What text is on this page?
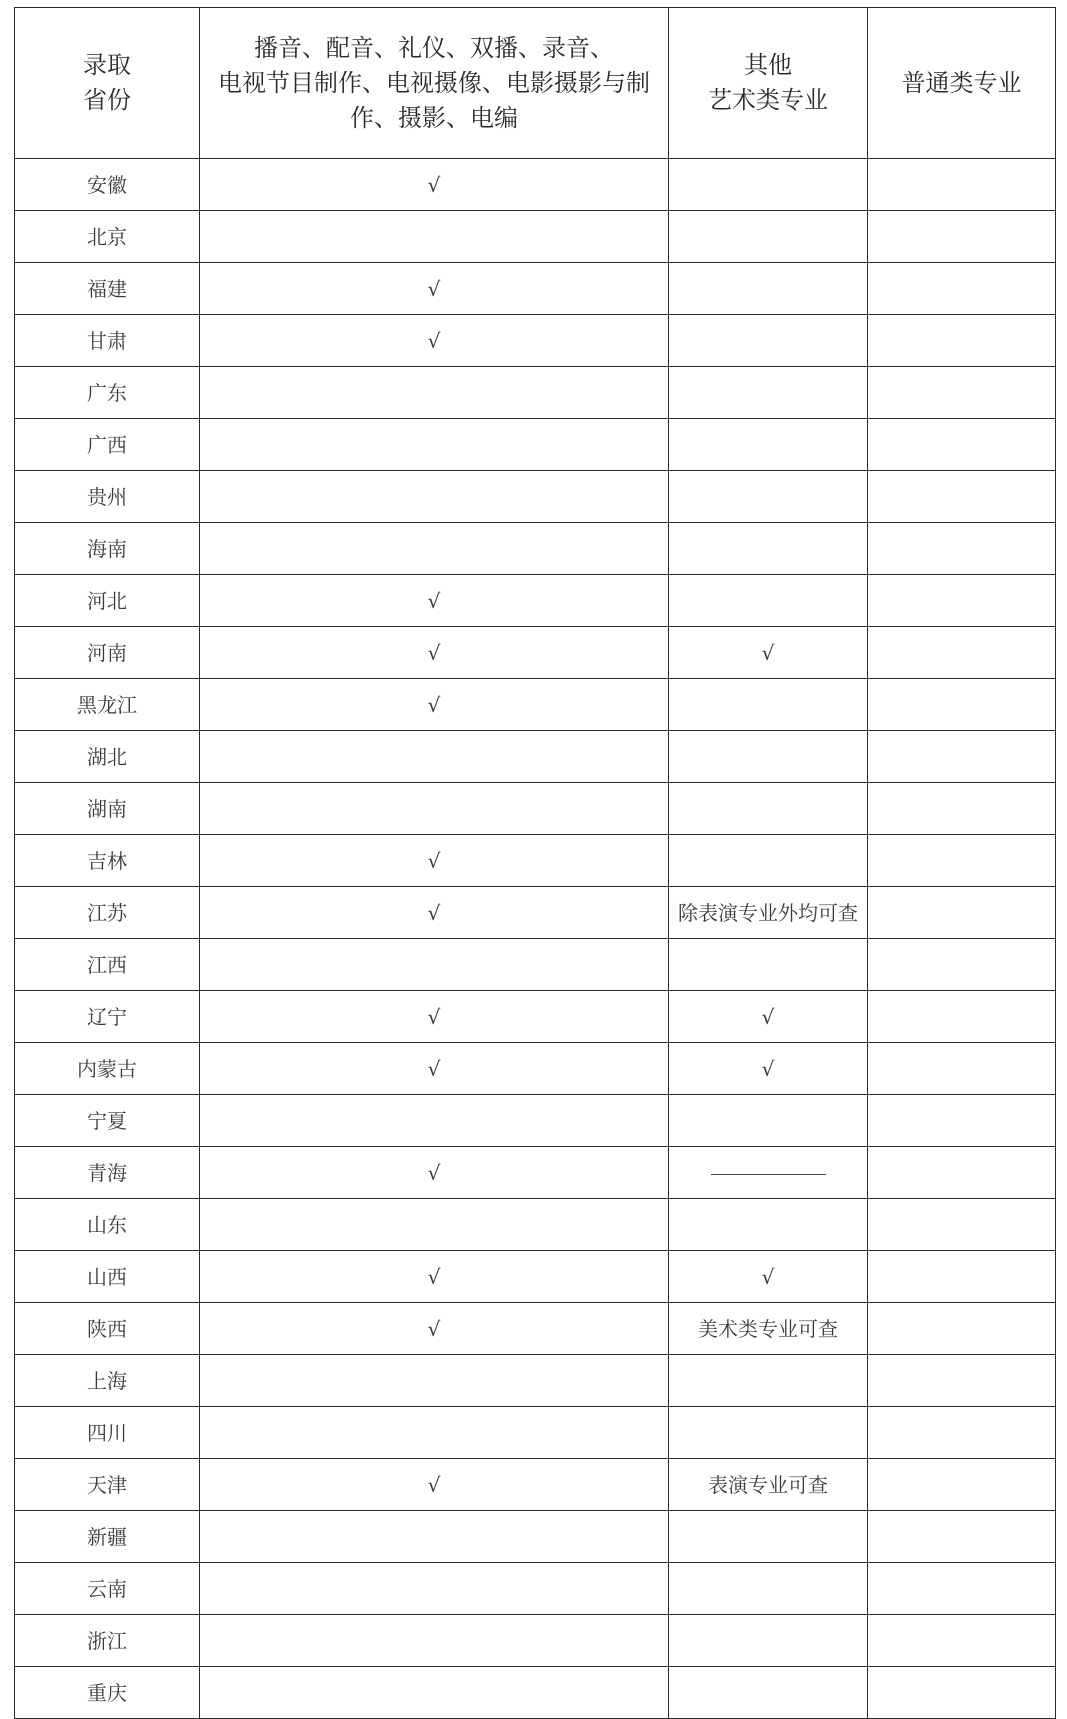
录取
省份	播音、配音、礼仪、双播、录音、
电视节目制作、电视摄像、电影摄影与制
作、摄影、电编	其他
艺术类专业	普通类专业
安徽	√		
北京			
福建	√		
甘肃	√		
广东			
广西			
贵州			
海南			
河北	√		
河南	√	√	
黑龙江	√		
湖北			
湖南			
吉林	√		
江苏	√	除表演专业外均可查	
江西			
辽宁	√	√	
内蒙古	√	√	
宁夏			
青海	√		
山东			
山西	√	√	
陕西	√	美术类专业可查	
上海			
四川			
天津	√	表演专业可查	
新疆			
云南			
浙江			
重庆			
